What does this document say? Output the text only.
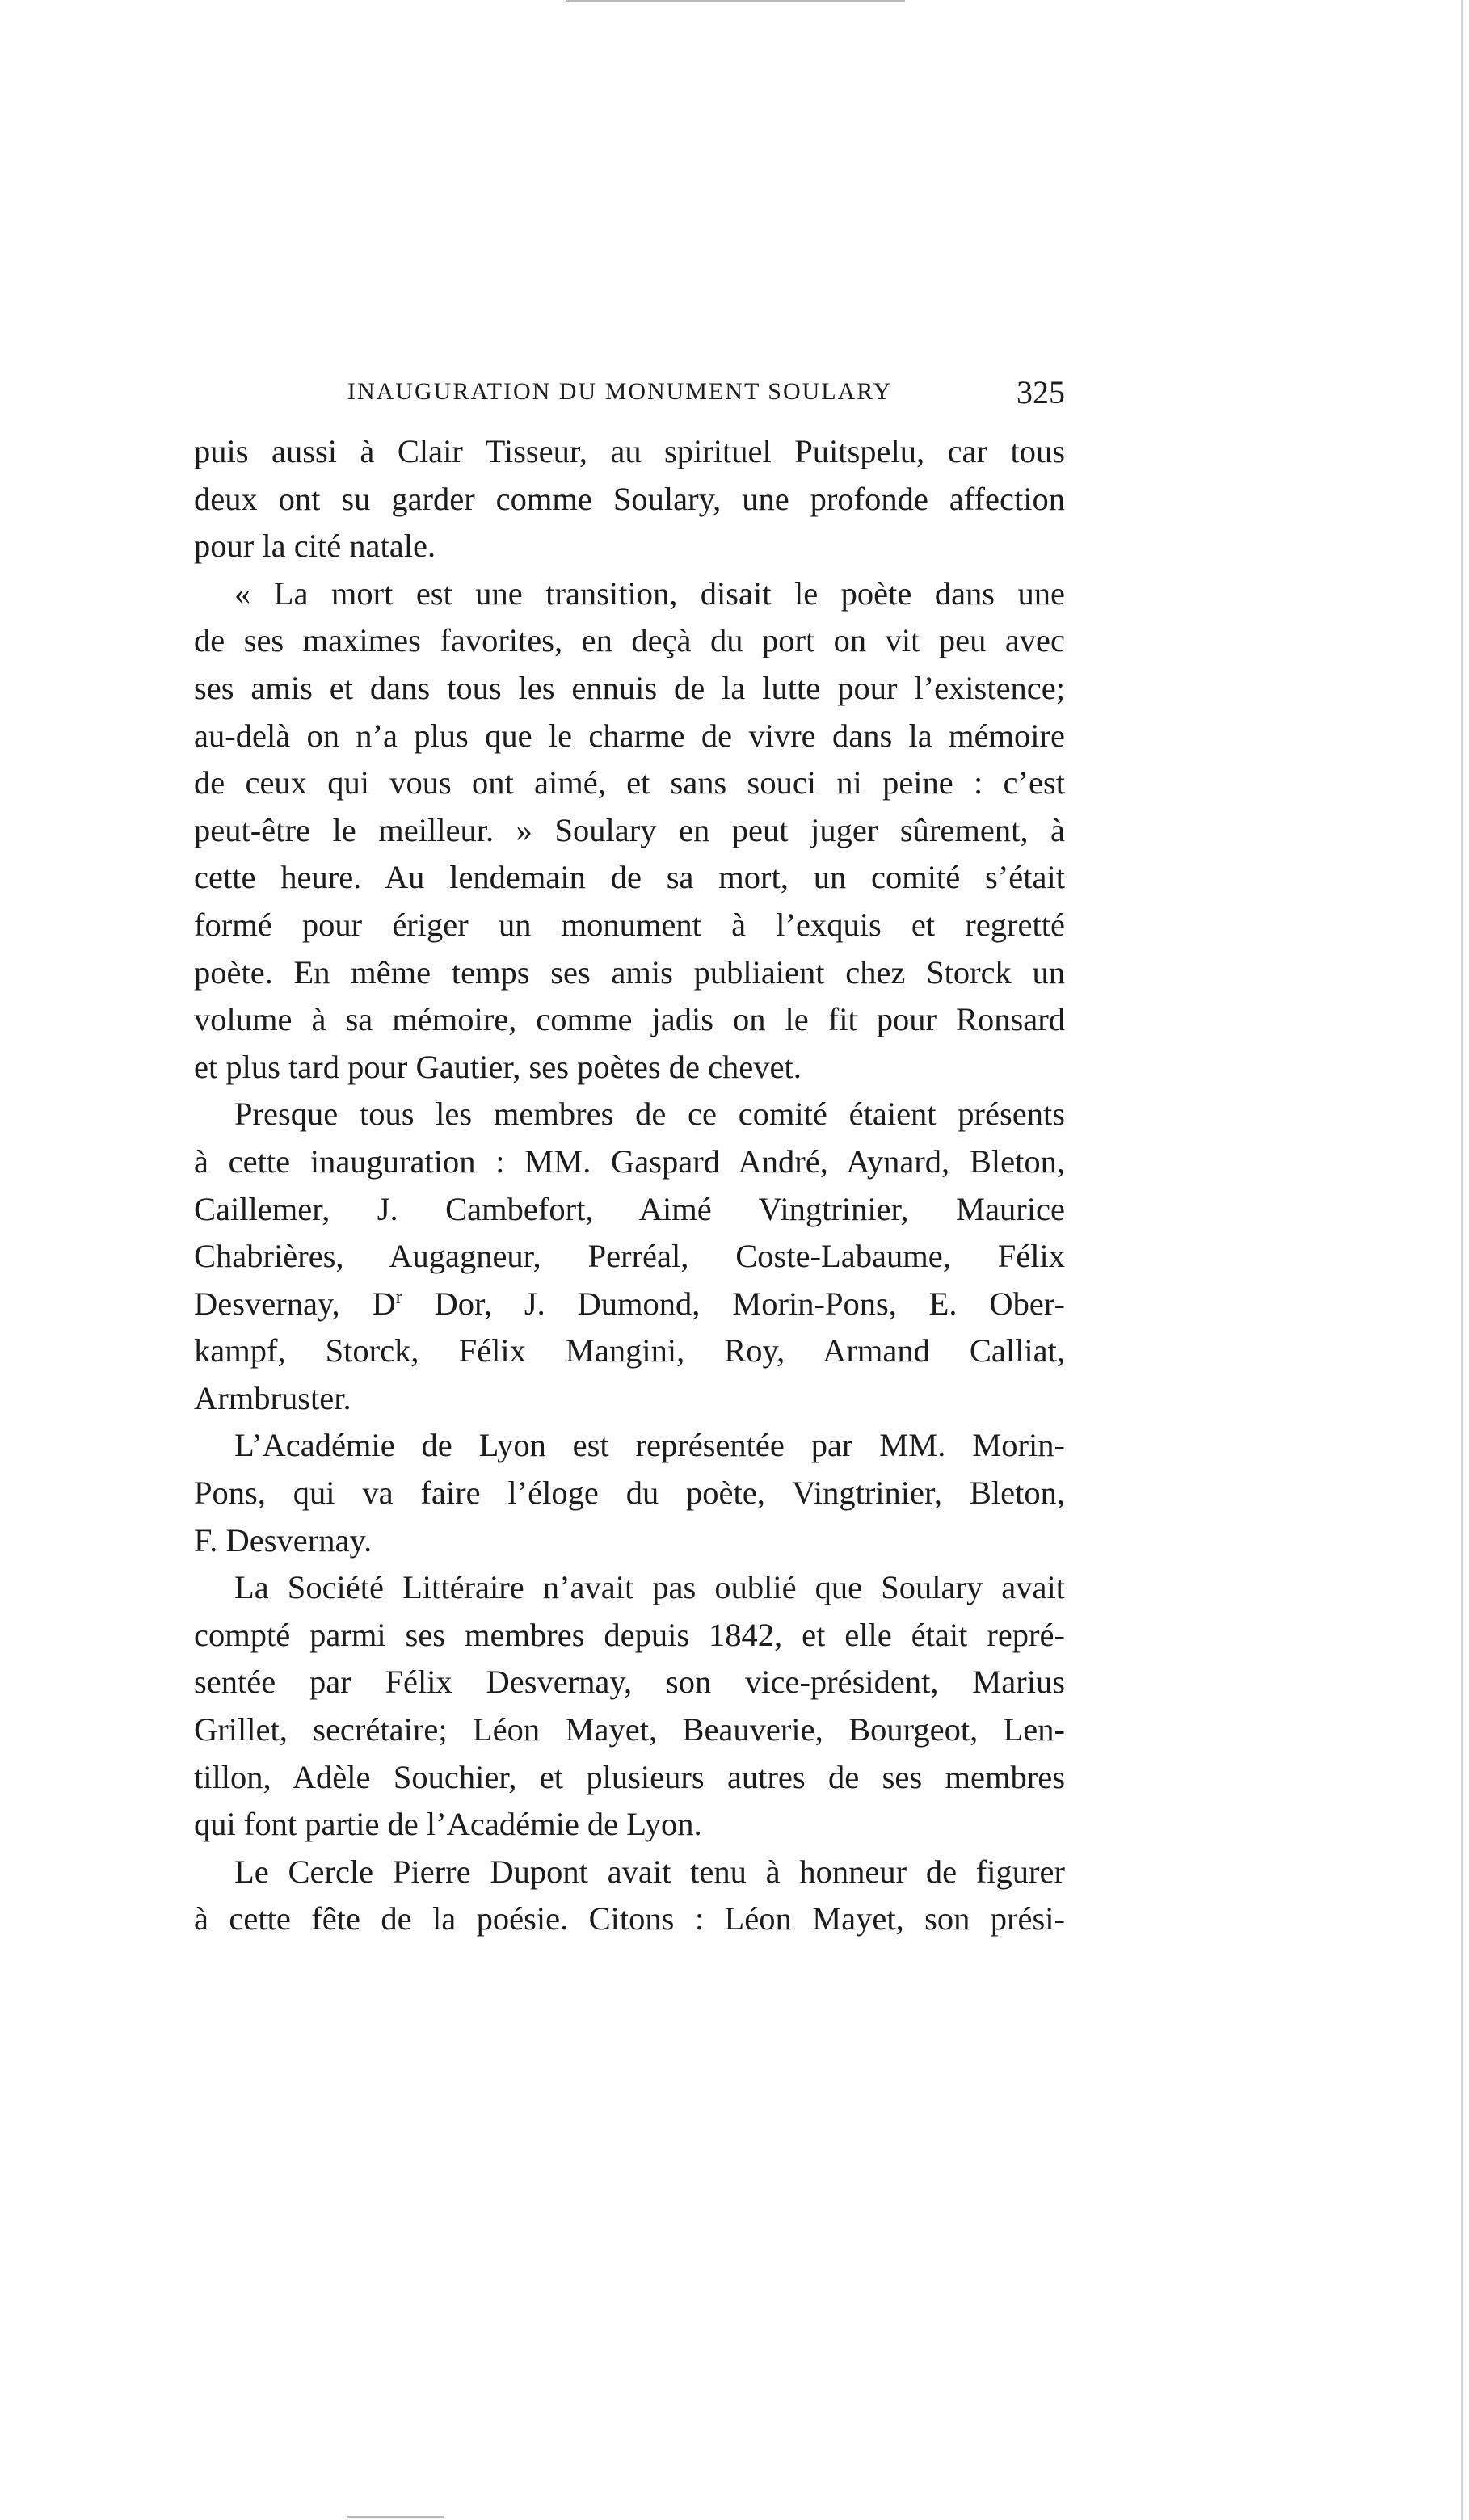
INAUGURATION DU MONUMENT SOULARY	325

puis aussi à Clair Tisseur, au spirituel Puitspelu, car tous

deux ont su garder comme Soulary, une profonde affection

pour la cité natale.

« La mort est une transition, disait le poète dans une

de ses maximes favorites, en deçà du port on vit peu avec

ses amis et dans tous les ennuis de la lutte pour l’existence;

au-delà on n’a plus que le charme de vivre dans la mémoire

de ceux qui vous ont aimé, et sans souci ni peine : c’est

peut-être le meilleur. » Soulary en peut juger sûrement, à

cette heure. Au lendemain de sa mort, un comité s’était

formé pour ériger un monument à l’exquis et regretté

poète. En même temps ses amis publiaient chez Storck un

volume à sa mémoire, comme jadis on le fit pour Ronsard

et plus tard pour Gautier, ses poètes de chevet.

Presque tous les membres de ce comité étaient présents

à cette inauguration : MM. Gaspard André, Aynard, Bleton,

Caillemer, J. Cambefort, Aimé Vingtrinier, Maurice

Chabrières, Augagneur, Perréal, Coste-Labaume, Félix

Desvernay, $D^r$ Dor, J. Dumond, Morin-Pons, E. Ober-

kampf, Storck, Félix Mangini, Roy, Armand Calliat,

Armbruster.

L’Académie de Lyon est représentée par MM. Morin-

Pons, qui va faire l’éloge du poète, Vingtrinier, Bleton,

F. Desvernay.

La Société Littéraire n’avait pas oublié que Soulary avait

compté parmi ses membres depuis 1842, et elle était repré-

sentée par Félix Desvernay, son vice-président, Marius

Grillet, secrétaire; Léon Mayet, Beauverie, Bourgeot, Len-

tillon, Adèle Souchier, et plusieurs autres de ses membres

qui font partie de l’Académie de Lyon.

Le Cercle Pierre Dupont avait tenu à honneur de figurer

à cette fête de la poésie. Citons : Léon Mayet, son prési-
